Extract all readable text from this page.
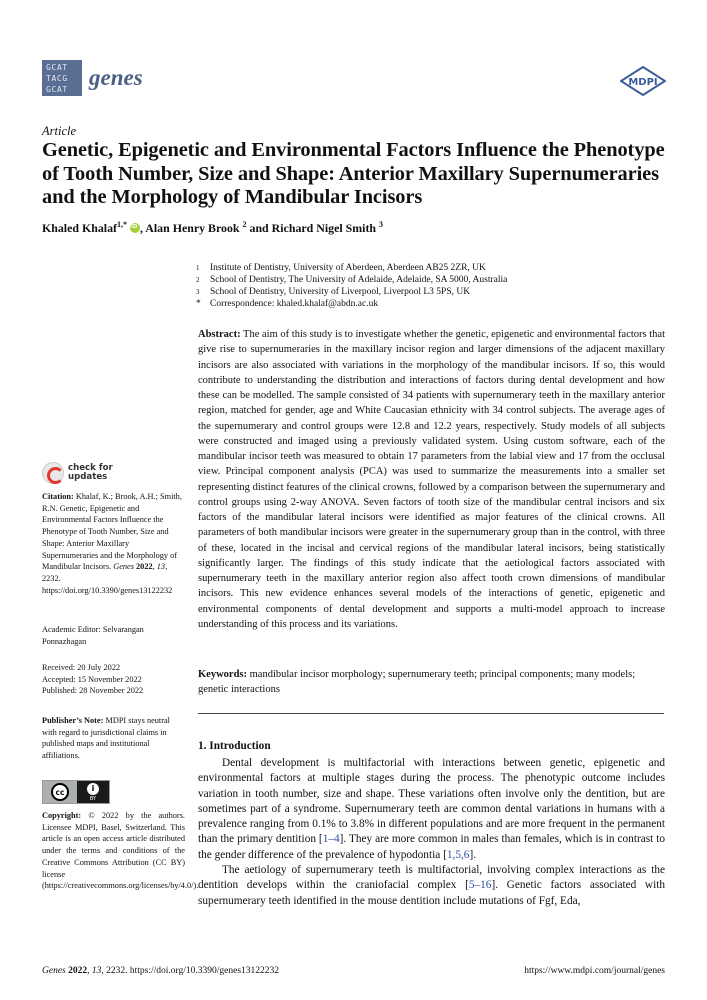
GCAT
TACG
GCAT genes	MDPI
Article
Genetic, Epigenetic and Environmental Factors Influence the Phenotype of Tooth Number, Size and Shape: Anterior Maxillary Supernumeraries and the Morphology of Mandibular Incisors
Khaled Khalaf$^{1,*}$ iD , Alan Henry Brook $^2$ and Richard Nigel Smith $^3$
1	Institute of Dentistry, University of Aberdeen, Aberdeen AB25 2ZR, UK
2	School of Dentistry, The University of Adelaide, Adelaide, SA 5000, Australia
3	School of Dentistry, University of Liverpool, Liverpool L3 5PS, UK
* Correspondence: khaled.khalaf@abdn.ac.uk
Abstract: The aim of this study is to investigate whether the genetic, epigenetic and environmental factors that give rise to supernumeraries in the maxillary incisor region and larger dimensions of the adjacent maxillary incisors are also associated with variations in the morphology of the mandibular incisors. If so, this would contribute to understanding the distribution and interactions of factors during dental development and how these can be modelled. The sample consisted of 34 patients with supernumerary teeth in the maxillary anterior region, matched for gender, age and White Caucasian ethnicity with 34 control subjects. The average ages of the supernumerary and control groups were 12.8 and 12.2 years, respectively. Study models of all subjects were constructed and imaged using a previously validated system. Using custom software, each of the mandibular incisor teeth was measured to obtain 17 parameters from the labial view and 17 from the occlusal view. Principal component analysis (PCA) was used to summarize the measurements into a smaller set representing distinct features of the clinical crowns, followed by a comparison between the supernumerary and control groups using 2-way ANOVA. Seven factors of tooth size of the mandibular central incisors and six factors of the mandibular lateral incisors were identified as major features of the clinical crowns. All parameters of both mandibular incisors were greater in the supernumerary group than in the control, with three of these, located in the incisal and cervical regions of the mandibular lateral incisors, being statistically significantly larger. The findings of this study indicate that the aetiological factors associated with supernumerary teeth in the maxillary anterior region also affect tooth crown dimensions of mandibular incisors. This new evidence enhances several models of the interactions of genetic, epigenetic and environmental components of dental development and supports a multi-model approach to increase understanding of this process and its variations.
Keywords: mandibular incisor morphology; supernumerary teeth; principal components; many models; genetic interactions
check for
updates
Citation: Khalaf, K.; Brook, A.H.; Smith, R.N. Genetic, Epigenetic and Environmental Factors Influence the Phenotype of Tooth Number, Size and Shape: Anterior Maxillary Supernumeraries and the Morphology of Mandibular Incisors. Genes 2022, 13, 2232. https://doi.org/10.3390/genes13122232
Academic Editor: Selvarangan Ponnazhagan
Received: 20 July 2022
Accepted: 15 November 2022
Published: 28 November 2022
Publisher’s Note: MDPI stays neutral with regard to jurisdictional claims in published maps and institutional affiliations.
cc	i
BY
Copyright: © 2022 by the authors. Licensee MDPI, Basel, Switzerland. This article is an open access article distributed under the terms and conditions of the Creative Commons Attribution (CC BY) license (https://creativecommons.org/licenses/by/4.0/).
1. Introduction

Dental development is multifactorial with interactions between genetic, epigenetic and environmental factors at multiple stages during the process. The phenotypic outcome includes variation in tooth number, size and shape. These variations often involve only the dentition, but are sometimes part of a syndrome. Supernumerary teeth are common dental variations in humans with a prevalence ranging from 0.1% to 3.8% in different populations and are more frequent in the permanent than the primary dentition [1–4]. They are more common in males than females, which is in contrast to the gender difference of the prevalence of hypodontia [1,5,6].

The aetiology of supernumerary teeth is multifactorial, involving complex interactions as the dentition develops within the craniofacial complex [5–16]. Genetic factors associated with supernumerary teeth identified in the mouse dentition include mutations of Fgf, Eda,

Genes 2022, 13, 2232. https://doi.org/10.3390/genes13122232	https://www.mdpi.com/journal/genes
